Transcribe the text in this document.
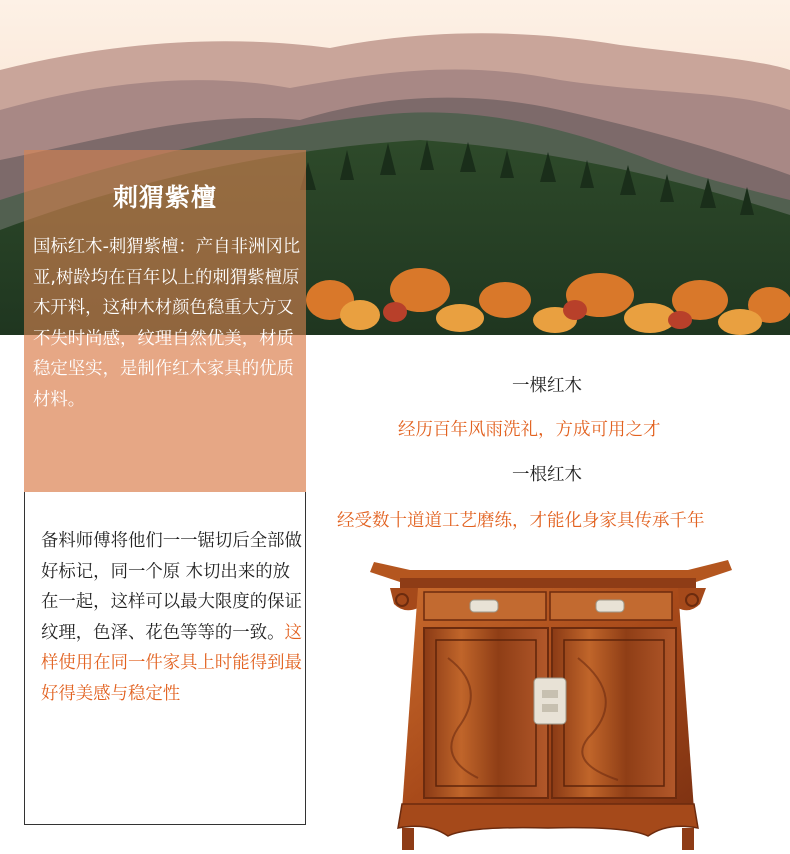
刺猬紫檀

国标红木-刺猬紫檀：产自非洲冈比亚,树龄均在百年以上的刺猬紫檀原木开料，这种木材颜色稳重大方又不失时尚感，纹理自然优美，材质稳定坚实，是制作红木家具的优质材料。

备料师傅将他们一一锯切后全部做好标记，同一个原 木切出来的放在一起，这样可以最大限度的保证纹理，色泽、花色等等的一致。这样使用在同一件家具上时能得到最好得美感与稳定性

一棵红木

经历百年风雨洗礼，方成可用之才

一根红木

经受数十道道工艺磨练，才能化身家具传承千年
